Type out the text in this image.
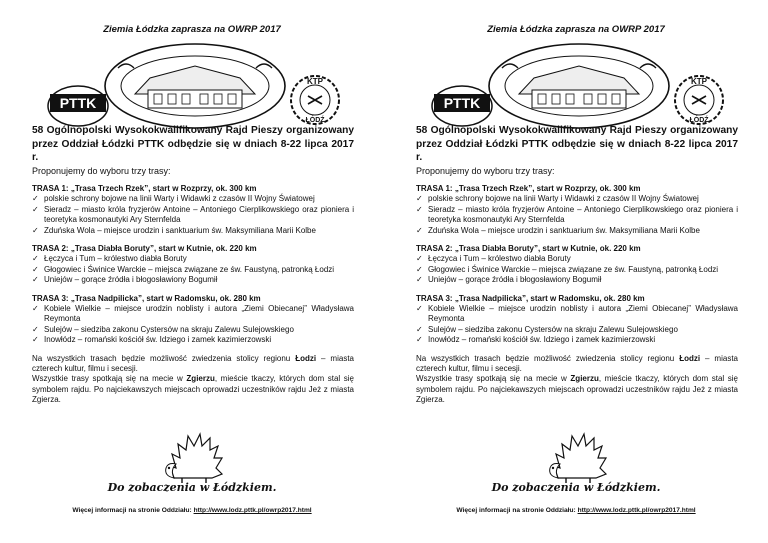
Ziemia Łódzka zaprasza na OWRP 2017
PTTK
KTP
ŁÓDŹ

58 Ogólnopolski Wysokokwalifikowany Rajd Pieszy organizowany przez Oddział Łódzki PTTK odbędzie się w dniach 8-22 lipca 2017 r.

Proponujemy do wyboru trzy trasy:

TRASA 1: „Trasa Trzech Rzek”, start w Rozprzy, ok. 300 km
✓ polskie schrony bojowe na linii Warty i Widawki z czasów II Wojny Światowej
✓ Sieradz – miasto króla fryzjerów Antoine – Antoniego Cierplikowskiego oraz pioniera i teoretyka kosmonautyki Ary Sternfelda
✓ Zduńska Wola – miejsce urodzin i sanktuarium św. Maksymiliana Marii Kolbe
TRASA 2: „Trasa Diabła Boruty”, start w Kutnie, ok. 220 km
✓ Łęczyca i Tum – królestwo diabła Boruty
✓ Głogowiec i Świnice Warckie – miejsca związane ze św. Faustyną, patronką Łodzi
✓ Uniejów – gorące źródła i błogosławiony Bogumił
TRASA 3: „Trasa Nadpilicka”, start w Radomsku, ok. 280 km
✓ Kobiele Wielkie – miejsce urodzin noblisty i autora „Ziemi Obiecanej” Władysława Reymonta
✓ Sulejów – siedziba zakonu Cystersów na skraju Zalewu Sulejowskiego
✓ Inowłódz – romański kościół św. Idziego i zamek kazimierzowski

Na wszystkich trasach będzie możliwość zwiedzenia stolicy regionu Łodzi – miasta czterech kultur, filmu i secesji.

Wszystkie trasy spotkają się na mecie w Zgierzu, mieście tkaczy, których dom stal się symbolem rajdu. Po najciekawszych miejscach oprowadzi uczestników rajdu Jeż z miasta Zgierza.

Do zobaczenia w Łódzkiem.
Więcej informacji na stronie Oddziału: http://www.lodz.pttk.pl/owrp2017.html
Ziemia Łódzka zaprasza na OWRP 2017
PTTK
KTP
ŁÓDŹ

58 Ogólnopolski Wysokokwalifikowany Rajd Pieszy organizowany przez Oddział Łódzki PTTK odbędzie się w dniach 8-22 lipca 2017 r.

Proponujemy do wyboru trzy trasy:

TRASA 1: „Trasa Trzech Rzek”, start w Rozprzy, ok. 300 km
✓ polskie schrony bojowe na linii Warty i Widawki z czasów II Wojny Światowej
✓ Sieradz – miasto króla fryzjerów Antoine – Antoniego Cierplikowskiego oraz pioniera i teoretyka kosmonautyki Ary Sternfelda
✓ Zduńska Wola – miejsce urodzin i sanktuarium św. Maksymiliana Marii Kolbe
TRASA 2: „Trasa Diabła Boruty”, start w Kutnie, ok. 220 km
✓ Łęczyca i Tum – królestwo diabła Boruty
✓ Głogowiec i Świnice Warckie – miejsca związane ze św. Faustyną, patronką Łodzi
✓ Uniejów – gorące źródła i błogosławiony Bogumił
TRASA 3: „Trasa Nadpilicka”, start w Radomsku, ok. 280 km
✓ Kobiele Wielkie – miejsce urodzin noblisty i autora „Ziemi Obiecanej” Władysława Reymonta
✓ Sulejów – siedziba zakonu Cystersów na skraju Zalewu Sulejowskiego
✓ Inowłódz – romański kościół św. Idziego i zamek kazimierzowski

Na wszystkich trasach będzie możliwość zwiedzenia stolicy regionu Łodzi – miasta czterech kultur, filmu i secesji.

Wszystkie trasy spotkają się na mecie w Zgierzu, mieście tkaczy, których dom stal się symbolem rajdu. Po najciekawszych miejscach oprowadzi uczestników rajdu Jeż z miasta Zgierza.

Do zobaczenia w Łódzkiem.
Więcej informacji na stronie Oddziału: http://www.lodz.pttk.pl/owrp2017.html
